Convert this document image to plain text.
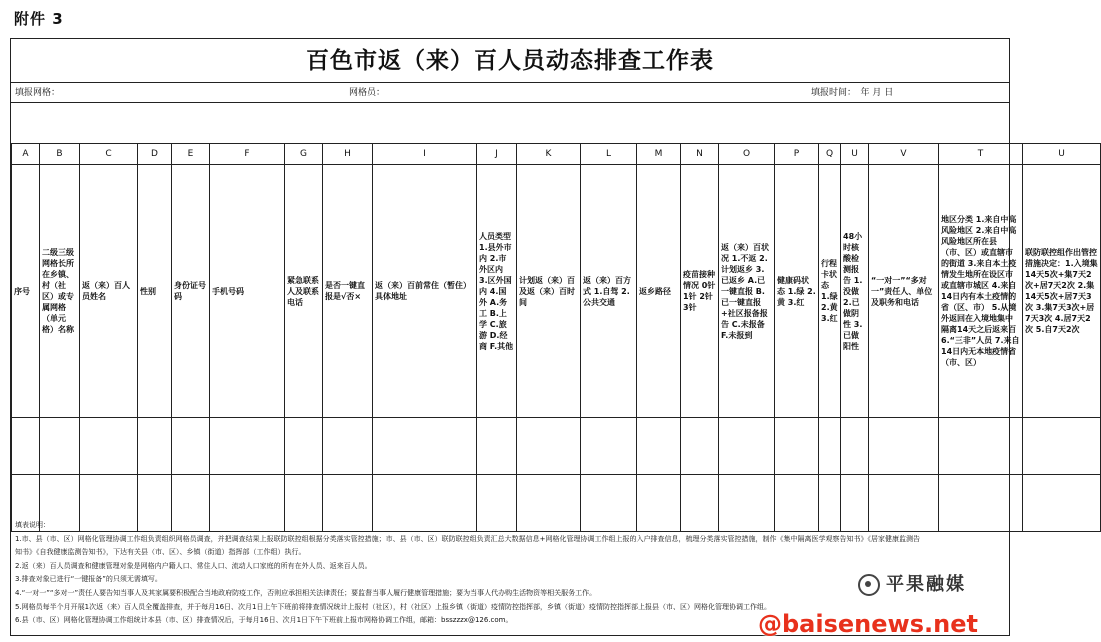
附件 3
百色市返（来）百人员动态排查工作表
填报网格：	网格员：	填报时间：　年 月 日
A	B	C	D	E	F	G	H	I	J	K	L	M	N	O	P	Q	U	V	T	U
序号	二级三级网格长所在乡镇、村（社区）或专属网格（单元格）名称	返（来）百人员姓名	性别	身份证号码	手机号码	紧急联系人及联系电话	是否一键直报是√否×	返（来）百前常住（暂住）具体地址	人员类型 1.县外市内 2.市外区内 3.区外国内 4.国外 A.务工 B.上学 C.旅游 D.经商 F.其他	计划返（来）百及返（来）百时间	返（来）百方式 1.自驾 2.公共交通	返乡路径	疫苗接种情况 0针 1针 2针 3针	返（来）百状况 1.不返 2.计划返乡 3.已返乡 A.已一键直报 B.已一键直报+社区报备报告 C.未报备 F.未报到	健康码状态 1.绿 2.黄 3.红	行程卡状态 1.绿 2.黄 3.红	48小时核酸检测报告 1.没做 2.已做阴性 3.已做阳性	“一对一”“多对一”责任人、单位及职务和电话	地区分类 1.来自中高风险地区 2.来自中高风险地区所在县（市、区）或直辖市的街道 3.来自本土疫情发生地所在设区市或直辖市城区 4.来自14日内有本土疫情的省（区、市） 5.从境外返回在入境地集中隔离14天之后返来百 6.“三非”人员 7.来自14日内无本地疫情省（市、区）	联防联控组作出管控措施决定：1.入境集14天5次+集7天2次+居7天2次 2.集14天5次+居7天3次 3.集7天3次+居7天3次 4.居7天2次 5.自7天2次

填表说明：
1.市、县（市、区）网格化管理协调工作组负责组织网格员调查，并把调查结果上报联防联控组根据分类落实管控措施；市、县（市、区）联防联控组负责汇总大数据信息+网格化管理协调工作组上报的入户排查信息，梳理分类落实管控措施，制作《集中隔离医学观察告知书》《居家健康监测告
知书》《自我健康监测告知书》，下达有关县（市、区）、乡镇（街道）指挥部（工作组）执行。
2.返（来）百人员调查和健康管理对象是网格内户籍人口、常住人口、流动人口家庭的所有在外人员、返来百人员。
3.排查对象已进行“一键报备”的只须无需填写。
4.“一对一”“多对一”责任人要告知当事人及其家属要积极配合当地政府防疫工作，否则应承担相关法律责任；要监督当事人履行健康管理措施；要为当事人代办购生活物资等相关服务工作。
5.网格员每半个月开展1次返（来）百人员全覆盖排查，并于每月16日、次月1日上午下班前将排查情况统计上报村（社区），村（社区）上报乡镇（街道）疫情防控指挥部，乡镇（街道）疫情防控指挥部上报县（市、区）网格化管理协调工作组。
6.县（市、区）网格化管理协调工作组统计本县（市、区）排查情况后，于每月16日、次月1日下午下班前上报市网格协调工作组，邮箱：bsszzzx@126.com。
平果融媒
@baisenews.net
